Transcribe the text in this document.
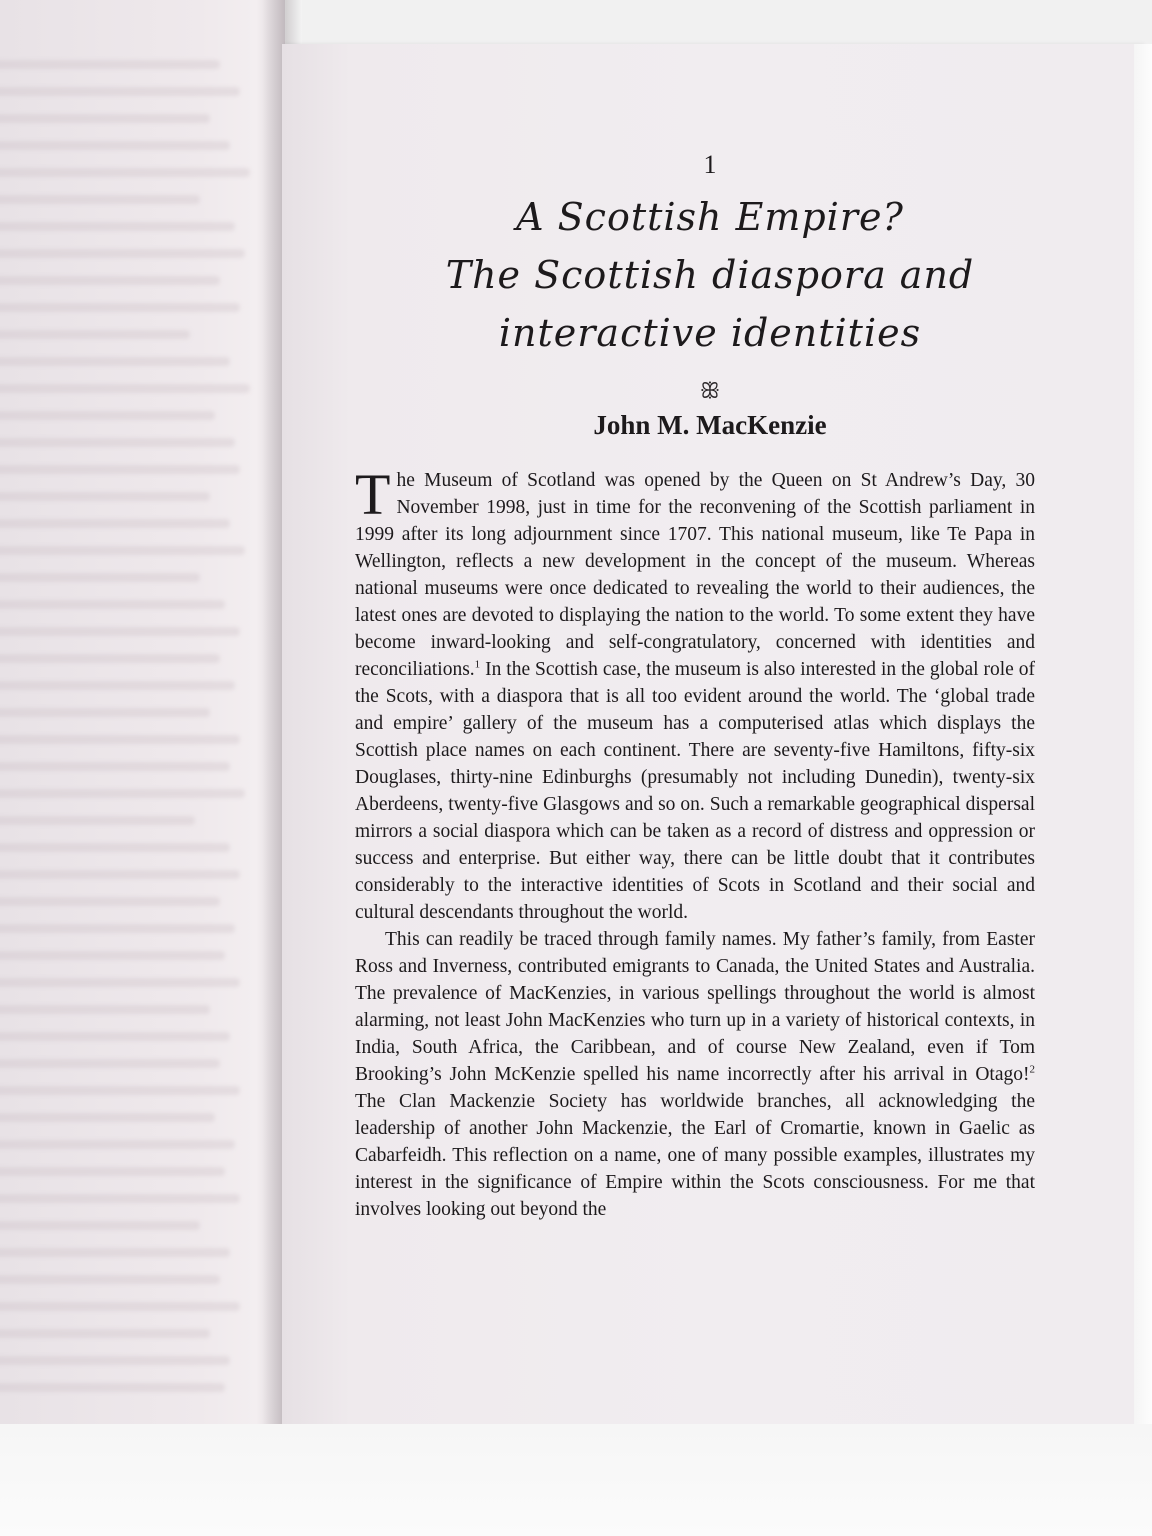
1
A Scottish Empire?
The Scottish diaspora and
interactive identities
ꕥ
John M. MacKenzie

The Museum of Scotland was opened by the Queen on St Andrew’s Day, 30 November 1998, just in time for the reconvening of the Scottish parliament in 1999 after its long adjournment since 1707. This national museum, like Te Papa in Wellington, reflects a new development in the concept of the museum. Whereas national museums were once dedicated to revealing the world to their audiences, the latest ones are devoted to displaying the nation to the world. To some extent they have become inward-looking and self-congratulatory, concerned with identities and reconciliations.$^1$ In the Scottish case, the museum is also interested in the global role of the Scots, with a diaspora that is all too evident around the world. The ‘global trade and empire’ gallery of the museum has a computerised atlas which displays the Scottish place names on each continent. There are seventy-five Hamiltons, fifty-six Douglases, thirty-nine Edinburghs (presumably not including Dunedin), twenty-six Aberdeens, twenty-five Glasgows and so on. Such a remarkable geographical dispersal mirrors a social diaspora which can be taken as a record of distress and oppression or success and enterprise. But either way, there can be little doubt that it contributes considerably to the interactive identities of Scots in Scotland and their social and cultural descendants throughout the world.

This can readily be traced through family names. My father’s family, from Easter Ross and Inverness, contributed emigrants to Canada, the United States and Australia. The prevalence of MacKenzies, in various spellings throughout the world is almost alarming, not least John MacKenzies who turn up in a variety of historical contexts, in India, South Africa, the Caribbean, and of course New Zealand, even if Tom Brooking’s John McKenzie spelled his name incorrectly after his arrival in Otago!$^2$ The Clan Mackenzie Society has worldwide branches, all acknowledging the leadership of another John Mackenzie, the Earl of Cromartie, known in Gaelic as Cabarfeidh. This reflection on a name, one of many possible examples, illustrates my interest in the significance of Empire within the Scots consciousness. For me that involves looking out beyond the
